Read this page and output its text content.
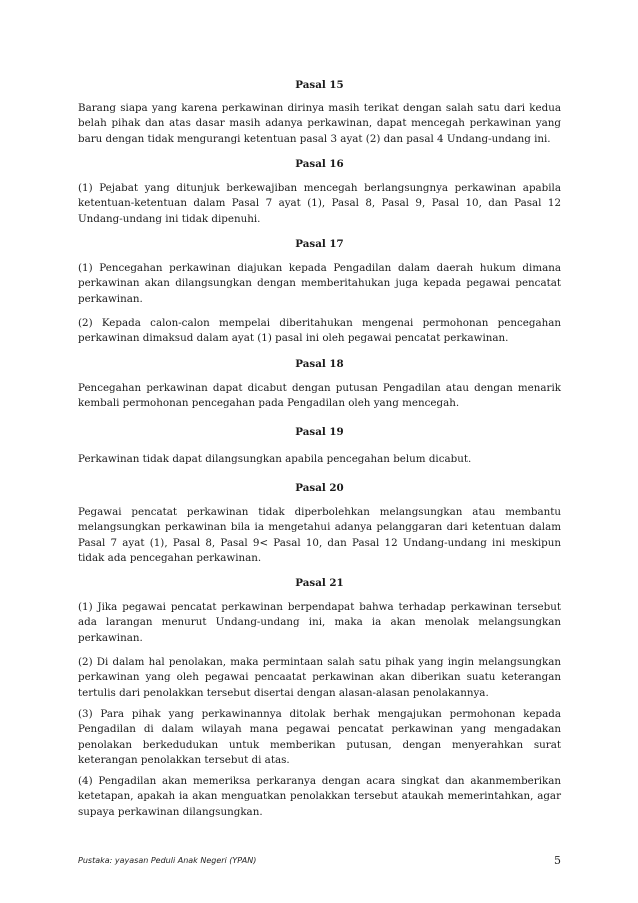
Pasal 15

Barang siapa yang karena perkawinan dirinya masih terikat dengan salah satu dari kedua belah pihak dan atas dasar masih adanya perkawinan, dapat mencegah perkawinan yang baru dengan tidak mengurangi ketentuan pasal 3 ayat (2) dan pasal 4 Undang-undang ini.

Pasal 16

(1) Pejabat yang ditunjuk berkewajiban mencegah berlangsungnya perkawinan apabila ketentuan-ketentuan dalam Pasal 7 ayat (1), Pasal 8, Pasal 9, Pasal 10, dan Pasal 12 Undang-undang ini tidak dipenuhi.

Pasal 17

(1) Pencegahan perkawinan diajukan kepada Pengadilan dalam daerah hukum dimana perkawinan akan dilangsungkan dengan memberitahukan juga kepada pegawai pencatat perkawinan.

(2) Kepada calon-calon mempelai diberitahukan mengenai permohonan pencegahan perkawinan dimaksud dalam ayat (1) pasal ini oleh pegawai pencatat perkawinan.

Pasal 18

Pencegahan perkawinan dapat dicabut dengan putusan Pengadilan atau dengan menarik kembali permohonan pencegahan pada Pengadilan oleh yang mencegah.

Pasal 19

Perkawinan tidak dapat dilangsungkan apabila pencegahan belum dicabut.

Pasal 20

Pegawai pencatat perkawinan tidak diperbolehkan melangsungkan atau membantu melangsungkan perkawinan bila ia mengetahui adanya pelanggaran dari ketentuan dalam Pasal 7 ayat (1), Pasal 8, Pasal 9< Pasal 10, dan Pasal 12 Undang-undang ini meskipun tidak ada pencegahan perkawinan.

Pasal 21

(1) Jika pegawai pencatat perkawinan berpendapat bahwa terhadap perkawinan tersebut ada larangan menurut Undang-undang ini, maka ia akan menolak melangsungkan perkawinan.

(2) Di dalam hal penolakan, maka permintaan salah satu pihak yang ingin melangsungkan perkawinan yang oleh pegawai pencaatat perkawinan akan diberikan suatu keterangan tertulis dari penolakkan tersebut disertai dengan alasan-alasan penolakannya.

(3) Para pihak yang perkawinannya ditolak berhak mengajukan permohonan kepada Pengadilan di dalam wilayah mana pegawai pencatat perkawinan yang mengadakan penolakan berkedudukan untuk memberikan putusan, dengan menyerahkan surat keterangan penolakkan tersebut di atas.

(4) Pengadilan akan memeriksa perkaranya dengan acara singkat dan akanmemberikan ketetapan, apakah ia akan menguatkan penolakkan tersebut ataukah memerintahkan, agar supaya perkawinan dilangsungkan.

Pustaka: yayasan Peduli Anak Negeri (YPAN)	5
